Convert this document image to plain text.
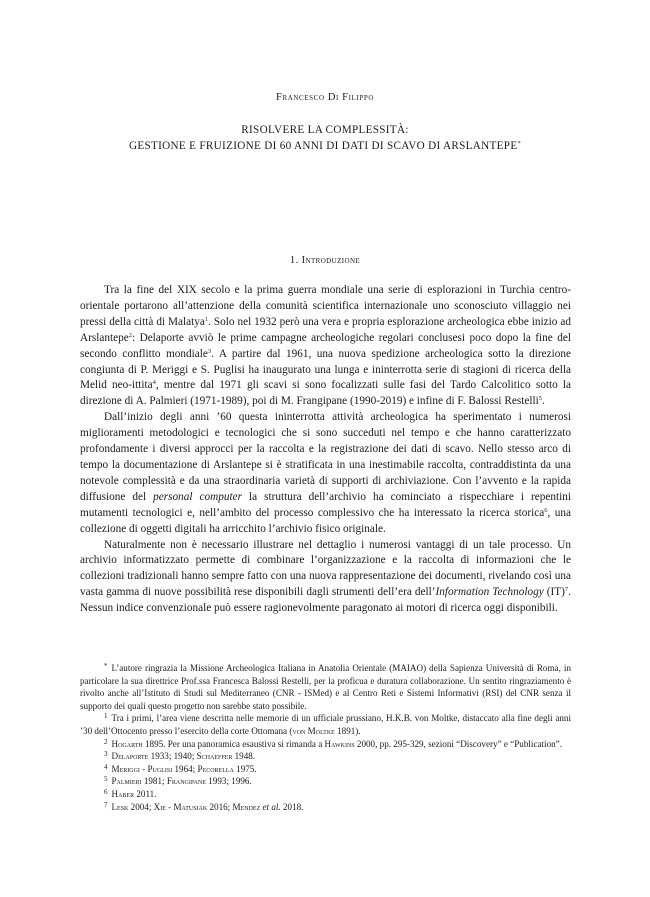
Francesco Di Filippo
RISOLVERE LA COMPLESSITÀ:
GESTIONE E FRUIZIONE DI 60 ANNI DI DATI DI SCAVO DI ARSLANTEPE*
1. Introduzione

Tra la fine del XIX secolo e la prima guerra mondiale una serie di esplorazioni in Turchia centro-orientale portarono all’attenzione della comunità scientifica internazionale uno sconosciuto villaggio nei pressi della città di Malatya$^1$. Solo nel 1932 però una vera e propria esplorazione archeologica ebbe inizio ad Arslantepe$^2$: Delaporte avviò le prime campagne archeologiche regolari conclusesi poco dopo la fine del secondo conflitto mondiale$^3$. A partire dal 1961, una nuova spedizione archeologica sotto la direzione congiunta di P. Meriggi e S. Puglisi ha inaugurato una lunga e ininterrotta serie di stagioni di ricerca della Melid neo-ittita$^4$, mentre dal 1971 gli scavi si sono focalizzati sulle fasi del Tardo Calcolitico sotto la direzione di A. Palmieri (1971-1989), poi di M. Frangipane (1990-2019) e infine di F. Balossi Restelli$^5$.

Dall’inizio degli anni ’60 questa ininterrotta attività archeologica ha sperimentato i numerosi miglioramenti metodologici e tecnologici che si sono succeduti nel tempo e che hanno caratterizzato profondamente i diversi approcci per la raccolta e la registrazione dei dati di scavo. Nello stesso arco di tempo la documentazione di Arslantepe si è stratificata in una inestimabile raccolta, contraddistinta da una notevole complessità e da una straordinaria varietà di supporti di archiviazione. Con l’avvento e la rapida diffusione del personal computer la struttura dell’archivio ha cominciato a rispecchiare i repentini mutamenti tecnologici e, nell’ambito del processo complessivo che ha interessato la ricerca storica$^6$, una collezione di oggetti digitali ha arricchito l’archivio fisico originale.

Naturalmente non è necessario illustrare nel dettaglio i numerosi vantaggi di un tale processo. Un archivio informatizzato permette di combinare l’organizzazione e la raccolta di informazioni che le collezioni tradizionali hanno sempre fatto con una nuova rappresentazione dei documenti, rivelando così una vasta gamma di nuove possibilità rese disponibili dagli strumenti dell’era dell’Information Technology (IT)$^7$. Nessun indice convenzionale può essere ragionevolmente paragonato ai motori di ricerca oggi disponibili.

* L’autore ringrazia la Missione Archeologica Italiana in Anatolia Orientale (MAIAO) della Sapienza Università di Roma, in particolare la sua direttrice Prof.ssa Francesca Balossi Restelli, per la proficua e duratura collaborazione. Un sentito ringraziamento è rivolto anche all’Istituto di Studi sul Mediterraneo (CNR - ISMed) e al Centro Reti e Sistemi Informativi (RSI) del CNR senza il supporto dei quali questo progetto non sarebbe stato possibile.

$^1$ Tra i primi, l’area viene descritta nelle memorie di un ufficiale prussiano, H.K.B. von Moltke, distaccato alla fine degli anni ’30 dell’Ottocento presso l’esercito della corte Ottomana (von Moltke 1891).

$^2$ Hogarth 1895. Per una panoramica esaustiva si rimanda a Hawkins 2000, pp. 295-329, sezioni “Discovery” e “Publication”.

$^3$ Delaporte 1933; 1940; Schaeffer 1948.

$^4$ Meriggi - Puglisi 1964; Pecorella 1975.

$^5$ Palmieri 1981; Frangipane 1993; 1996.

$^6$ Haber 2011.

$^7$ Lesk 2004; Xie - Matusiak 2016; Mendez et al. 2018.
